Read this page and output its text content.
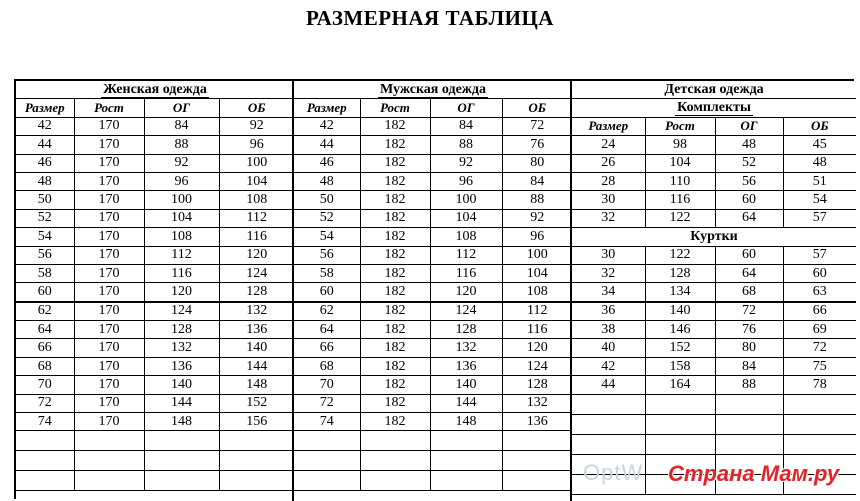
РАЗМЕРНАЯ ТАБЛИЦА
Женская одежда			
Размер	Рост	ОГ	ОБ
42	170	84	92
44	170	88	96
46	170	92	100
48	170	96	104
50	170	100	108
52	170	104	112
54	170	108	116
56	170	112	120
58	170	116	124
60	170	120	128
62	170	124	132
64	170	128	136
66	170	132	140
68	170	136	144
70	170	140	148
72	170	144	152
74	170	148	156

Мужская одежда			
Размер	Рост	ОГ	ОБ
42	182	84	72
44	182	88	76
46	182	92	80
48	182	96	84
50	182	100	88
52	182	104	92
54	182	108	96
56	182	112	100
58	182	116	104
60	182	120	108
62	182	124	112
64	182	128	116
66	182	132	120
68	182	136	124
70	182	140	128
72	182	144	132
74	182	148	136

Детская одежда			
Комплекты			
Размер	Рост	ОГ	ОБ
24	98	48	45
26	104	52	48
28	110	56	51
30	116	60	54
32	122	64	57
Куртки			
30	122	60	57
32	128	64	60
34	134	68	63
36	140	72	66
38	146	76	69
40	152	80	72
42	158	84	75
44	164	88	78

OptW Страна Мам.ру
